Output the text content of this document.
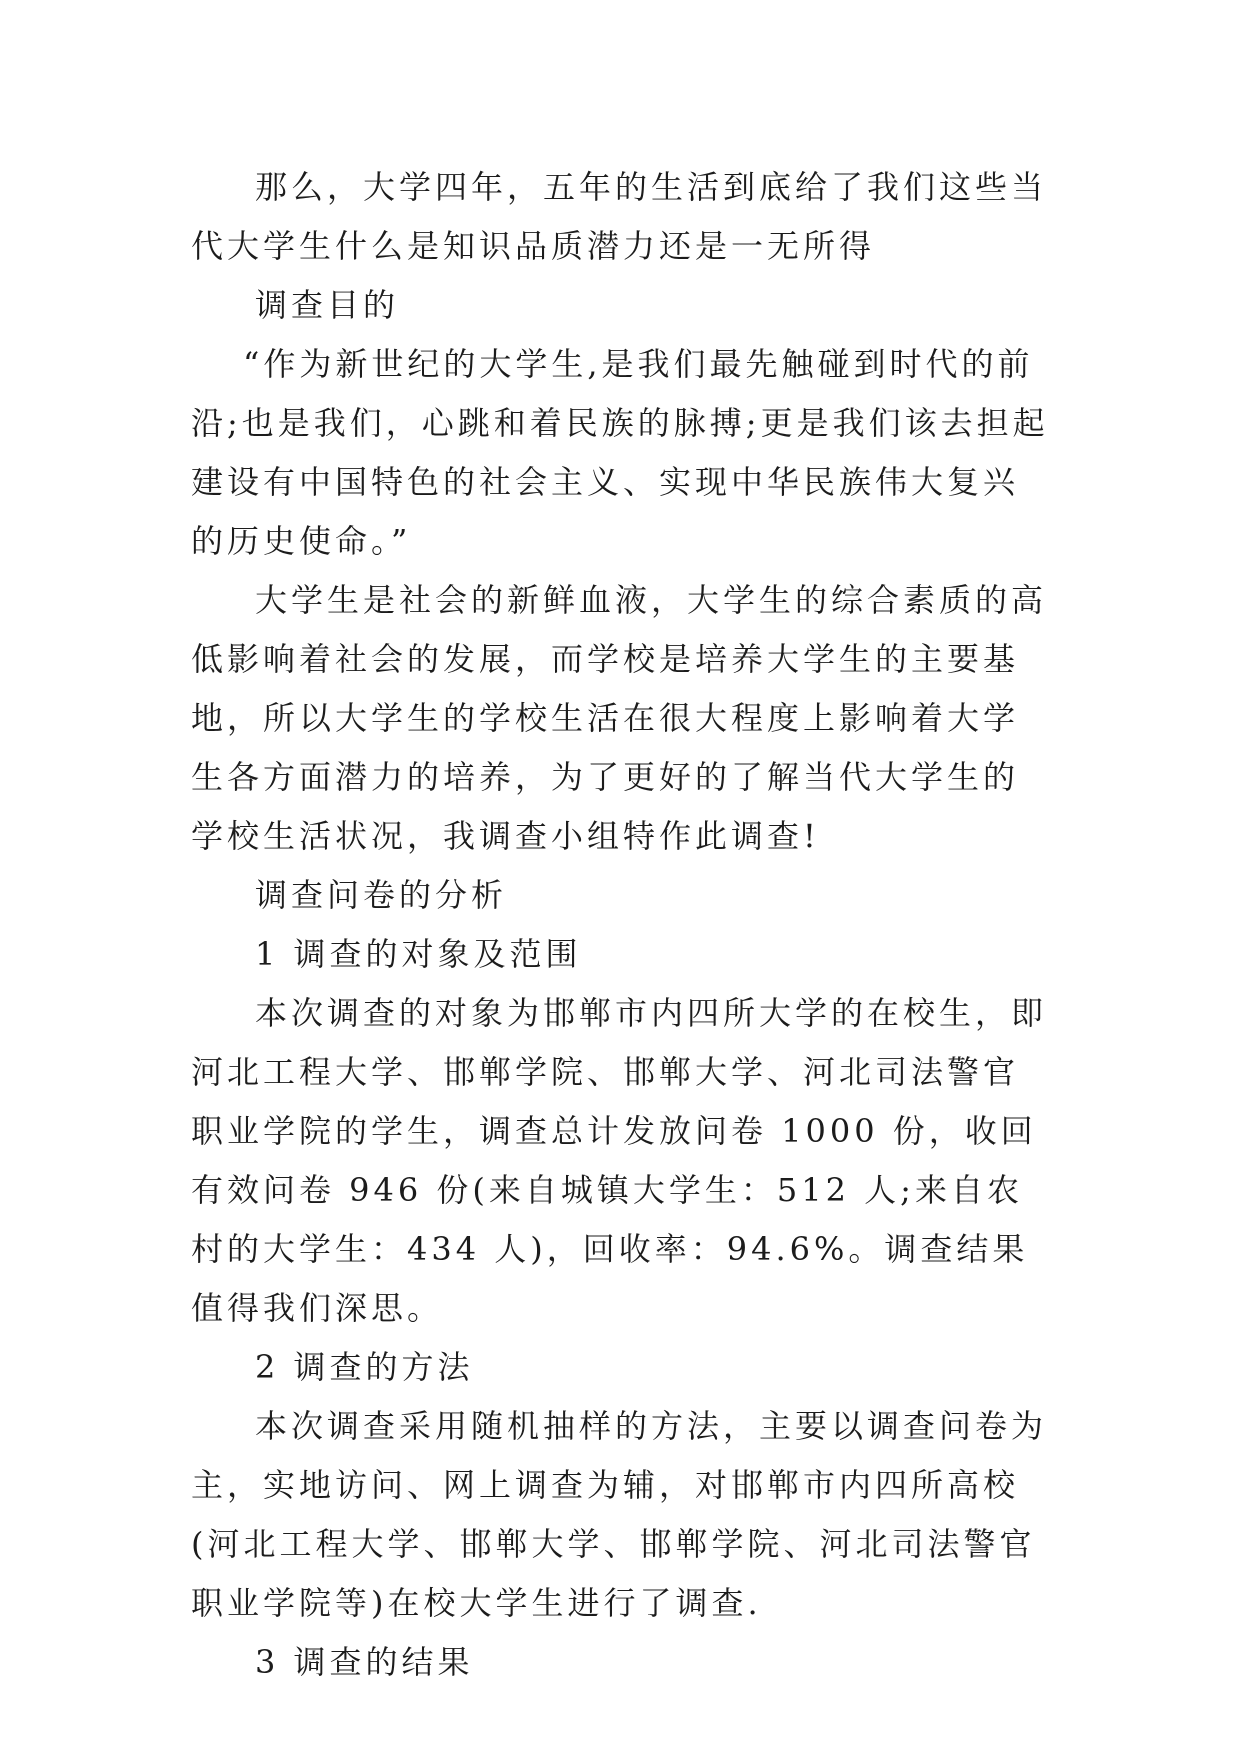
那么，大学四年，五年的生活到底给了我们这些当代大学生什么是知识品质潜力还是一无所得

调查目的

“作为新世纪的大学生,是我们最先触碰到时代的前沿;也是我们，心跳和着民族的脉搏;更是我们该去担起建设有中国特色的社会主义、实现中华民族伟大复兴的历史使命。”

大学生是社会的新鲜血液，大学生的综合素质的高低影响着社会的发展，而学校是培养大学生的主要基地，所以大学生的学校生活在很大程度上影响着大学生各方面潜力的培养，为了更好的了解当代大学生的学校生活状况，我调查小组特作此调查!

调查问卷的分析

1 调查的对象及范围

本次调查的对象为邯郸市内四所大学的在校生，即河北工程大学、邯郸学院、邯郸大学、河北司法警官职业学院的学生，调查总计发放问卷 1000 份，收回有效问卷 946 份(来自城镇大学生：512 人;来自农村的大学生：434 人)，回收率：94.6%。调查结果值得我们深思。

2 调查的方法

本次调查采用随机抽样的方法，主要以调查问卷为主，实地访问、网上调查为辅，对邯郸市内四所高校(河北工程大学、邯郸大学、邯郸学院、河北司法警官职业学院等)在校大学生进行了调查.

3 调查的结果
